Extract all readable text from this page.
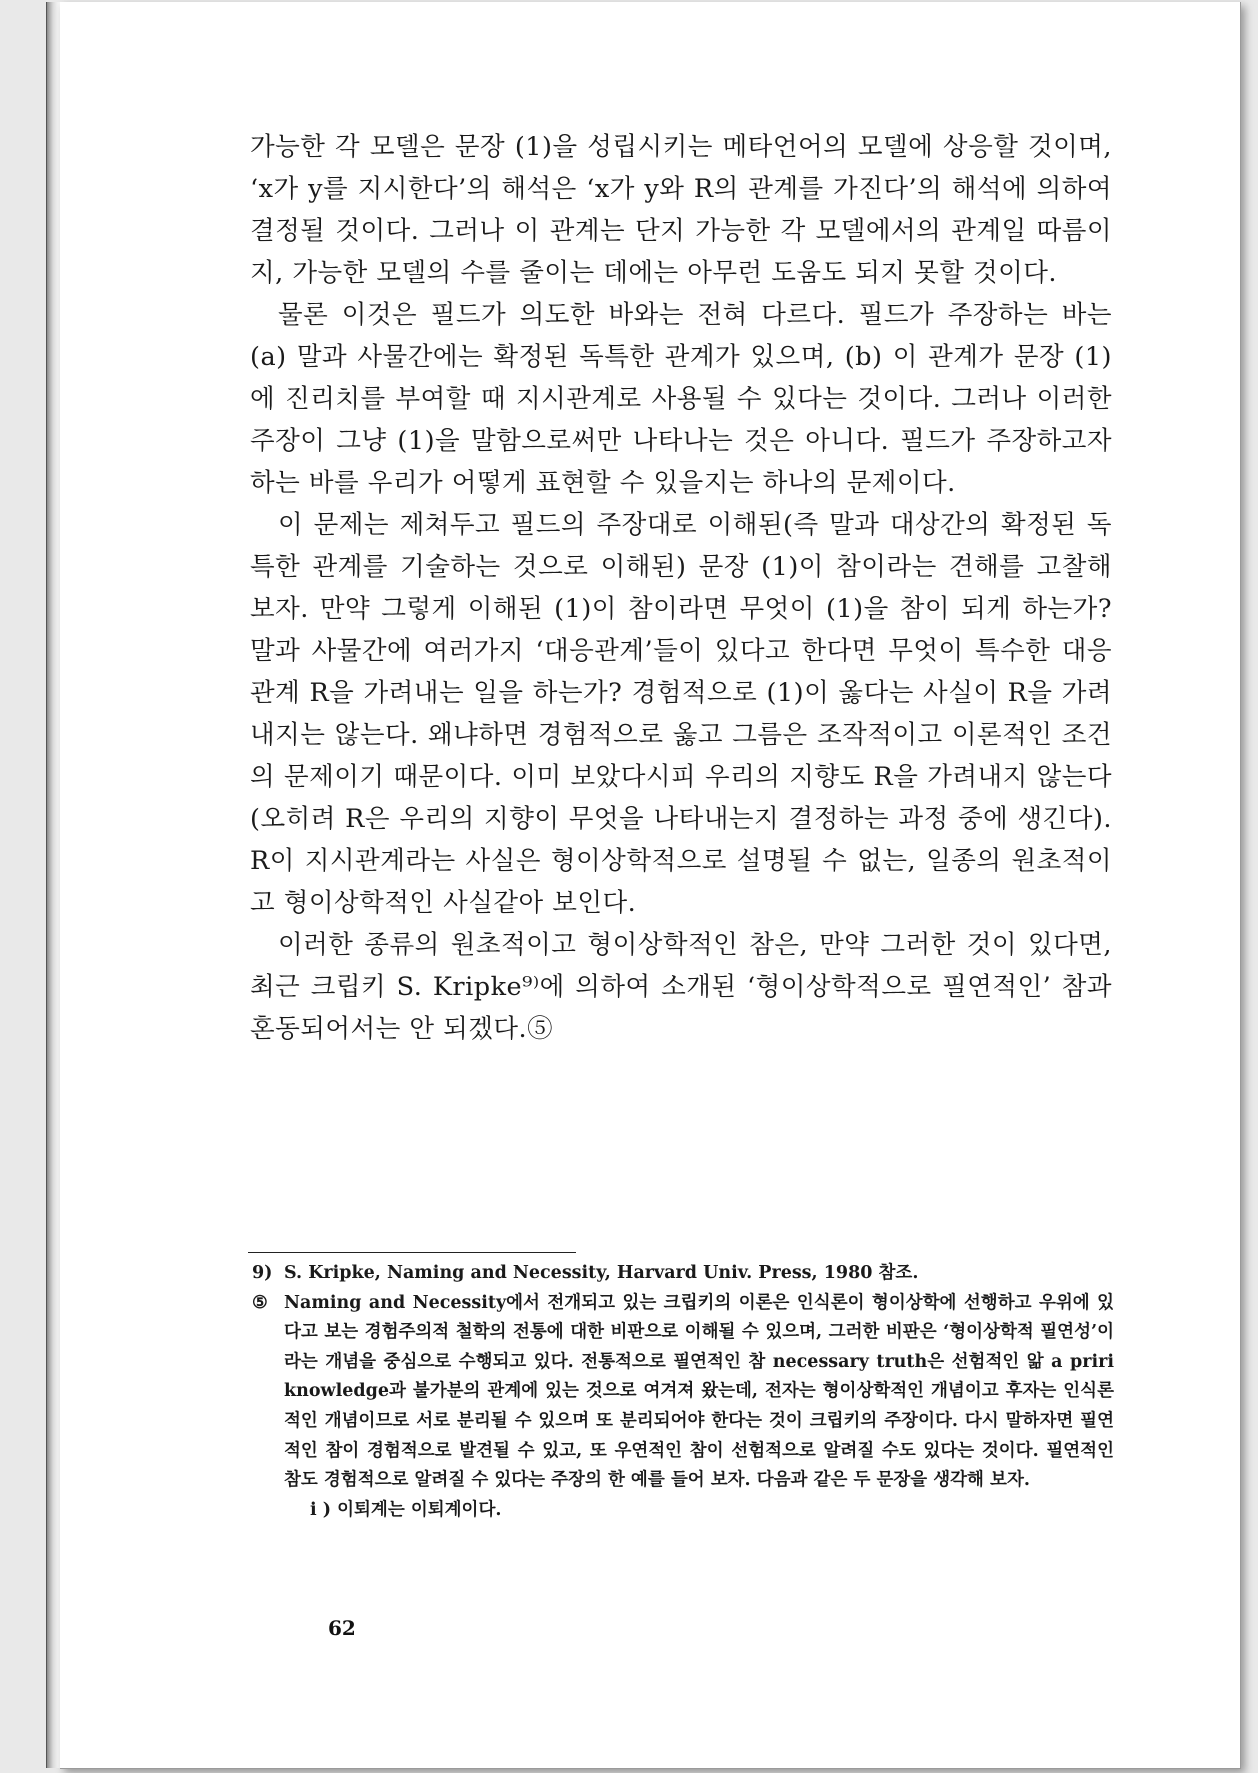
가능한 각 모델은 문장 (1)을 성립시키는 메타언어의 모델에 상응할 것이며, ‘x가 y를 지시한다’의 해석은 ‘x가 y와 R의 관계를 가진다’의 해석에 의하여 결정될 것이다. 그러나 이 관계는 단지 가능한 각 모델에서의 관계일 따름이지, 가능한 모델의 수를 줄이는 데에는 아무런 도움도 되지 못할 것이다.

물론 이것은 필드가 의도한 바와는 전혀 다르다. 필드가 주장하는 바는 (a) 말과 사물간에는 확정된 독특한 관계가 있으며, (b) 이 관계가 문장 (1)에 진리치를 부여할 때 지시관계로 사용될 수 있다는 것이다. 그러나 이러한 주장이 그냥 (1)을 말함으로써만 나타나는 것은 아니다. 필드가 주장하고자 하는 바를 우리가 어떻게 표현할 수 있을지는 하나의 문제이다.

이 문제는 제쳐두고 필드의 주장대로 이해된(즉 말과 대상간의 확정된 독특한 관계를 기술하는 것으로 이해된) 문장 (1)이 참이라는 견해를 고찰해 보자. 만약 그렇게 이해된 (1)이 참이라면 무엇이 (1)을 참이 되게 하는가? 말과 사물간에 여러가지 ‘대응관계’들이 있다고 한다면 무엇이 특수한 대응관계 R을 가려내는 일을 하는가? 경험적으로 (1)이 옳다는 사실이 R을 가려내지는 않는다. 왜냐하면 경험적으로 옳고 그름은 조작적이고 이론적인 조건의 문제이기 때문이다. 이미 보았다시피 우리의 지향도 R을 가려내지 않는다(오히려 R은 우리의 지향이 무엇을 나타내는지 결정하는 과정 중에 생긴다). R이 지시관계라는 사실은 형이상학적으로 설명될 수 없는, 일종의 원초적이고 형이상학적인 사실같아 보인다.

이러한 종류의 원초적이고 형이상학적인 참은, 만약 그러한 것이 있다면, 최근 크립키 S. Kripke⁹⁾에 의하여 소개된 ‘형이상학적으로 필연적인’ 참과 혼동되어서는 안 되겠다.⑤

9) S. Kripke, Naming and Necessity, Harvard Univ. Press, 1980 참조.
⑤ Naming and Necessity에서 전개되고 있는 크립키의 이론은 인식론이 형이상학에 선행하고 우위에 있다고 보는 경험주의적 철학의 전통에 대한 비판으로 이해될 수 있으며, 그러한 비판은 ‘형이상학적 필연성’이라는 개념을 중심으로 수행되고 있다. 전통적으로 필연적인 참 necessary truth은 선험적인 앎 a priri knowledge과 불가분의 관계에 있는 것으로 여겨져 왔는데, 전자는 형이상학적인 개념이고 후자는 인식론적인 개념이므로 서로 분리될 수 있으며 또 분리되어야 한다는 것이 크립키의 주장이다. 다시 말하자면 필연적인 참이 경험적으로 발견될 수 있고, 또 우연적인 참이 선험적으로 알려질 수도 있다는 것이다. 필연적인 참도 경험적으로 알려질 수 있다는 주장의 한 예를 들어 보자. 다음과 같은 두 문장을 생각해 보자.
i ) 이퇴계는 이퇴계이다.
62
